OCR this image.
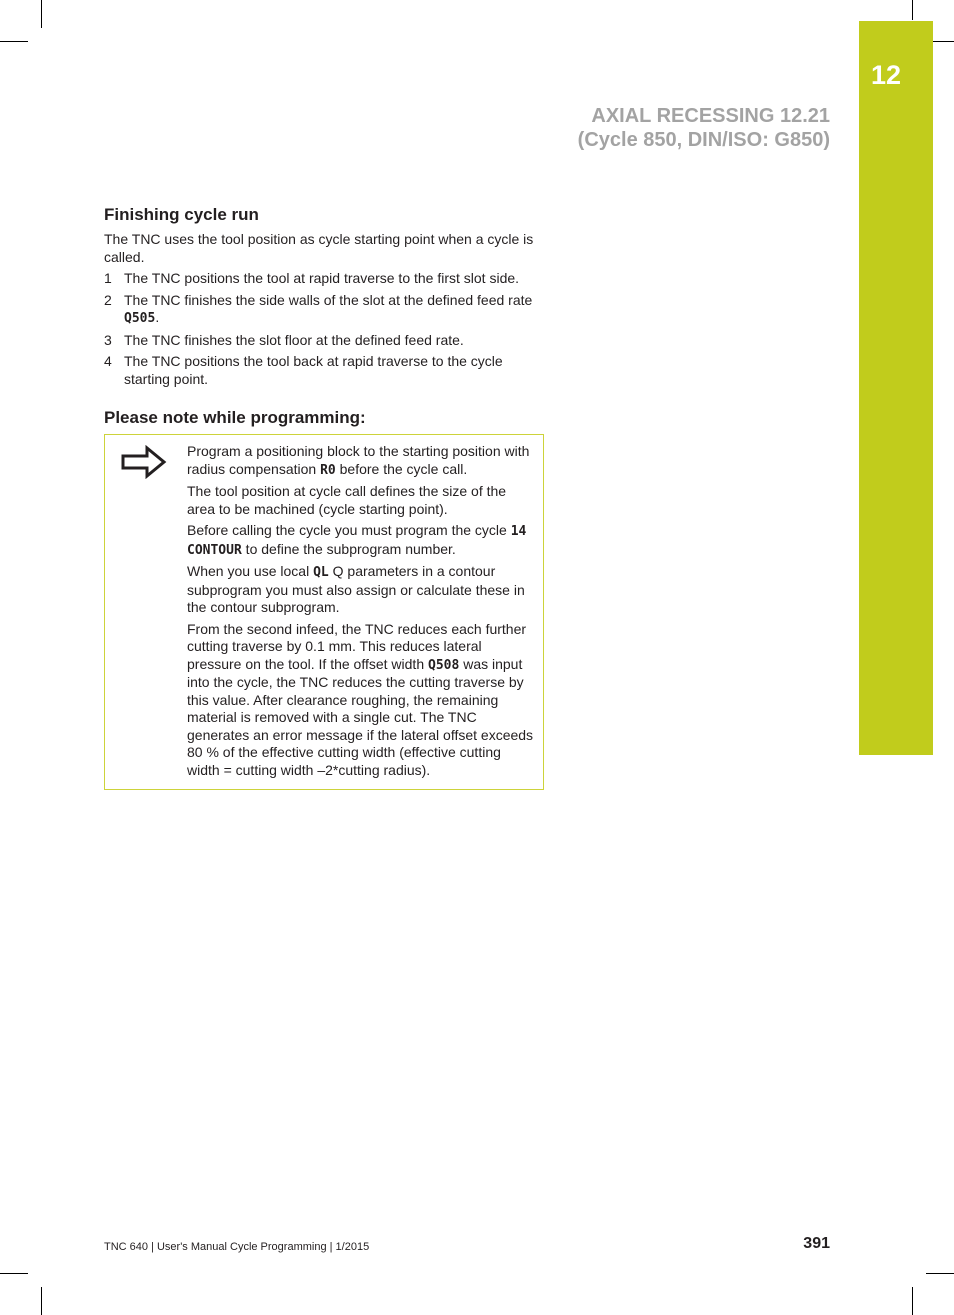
12
AXIAL RECESSING 12.21
(Cycle 850, DIN/ISO: G850)
Finishing cycle run

The TNC uses the tool position as cycle starting point when a cycle is called.

1 The TNC positions the tool at rapid traverse to the first slot side.
2 The TNC finishes the side walls of the slot at the defined feed rate Q505.
3 The TNC finishes the slot floor at the defined feed rate.
4 The TNC positions the tool back at rapid traverse to the cycle starting point.
Please note while programming:

Program a positioning block to the starting position with radius compensation R0 before the cycle call.

The tool position at cycle call defines the size of the area to be machined (cycle starting point).

Before calling the cycle you must program the cycle 14 CONTOUR to define the subprogram number.

When you use local QL Q parameters in a contour subprogram you must also assign or calculate these in the contour subprogram.

From the second infeed, the TNC reduces each further cutting traverse by 0.1 mm. This reduces lateral pressure on the tool. If the offset width Q508 was input into the cycle, the TNC reduces the cutting traverse by this value. After clearance roughing, the remaining material is removed with a single cut. The TNC generates an error message if the lateral offset exceeds 80 % of the effective cutting width (effective cutting width = cutting width –2*cutting radius).

TNC 640 | User's Manual Cycle Programming | 1/2015	391
